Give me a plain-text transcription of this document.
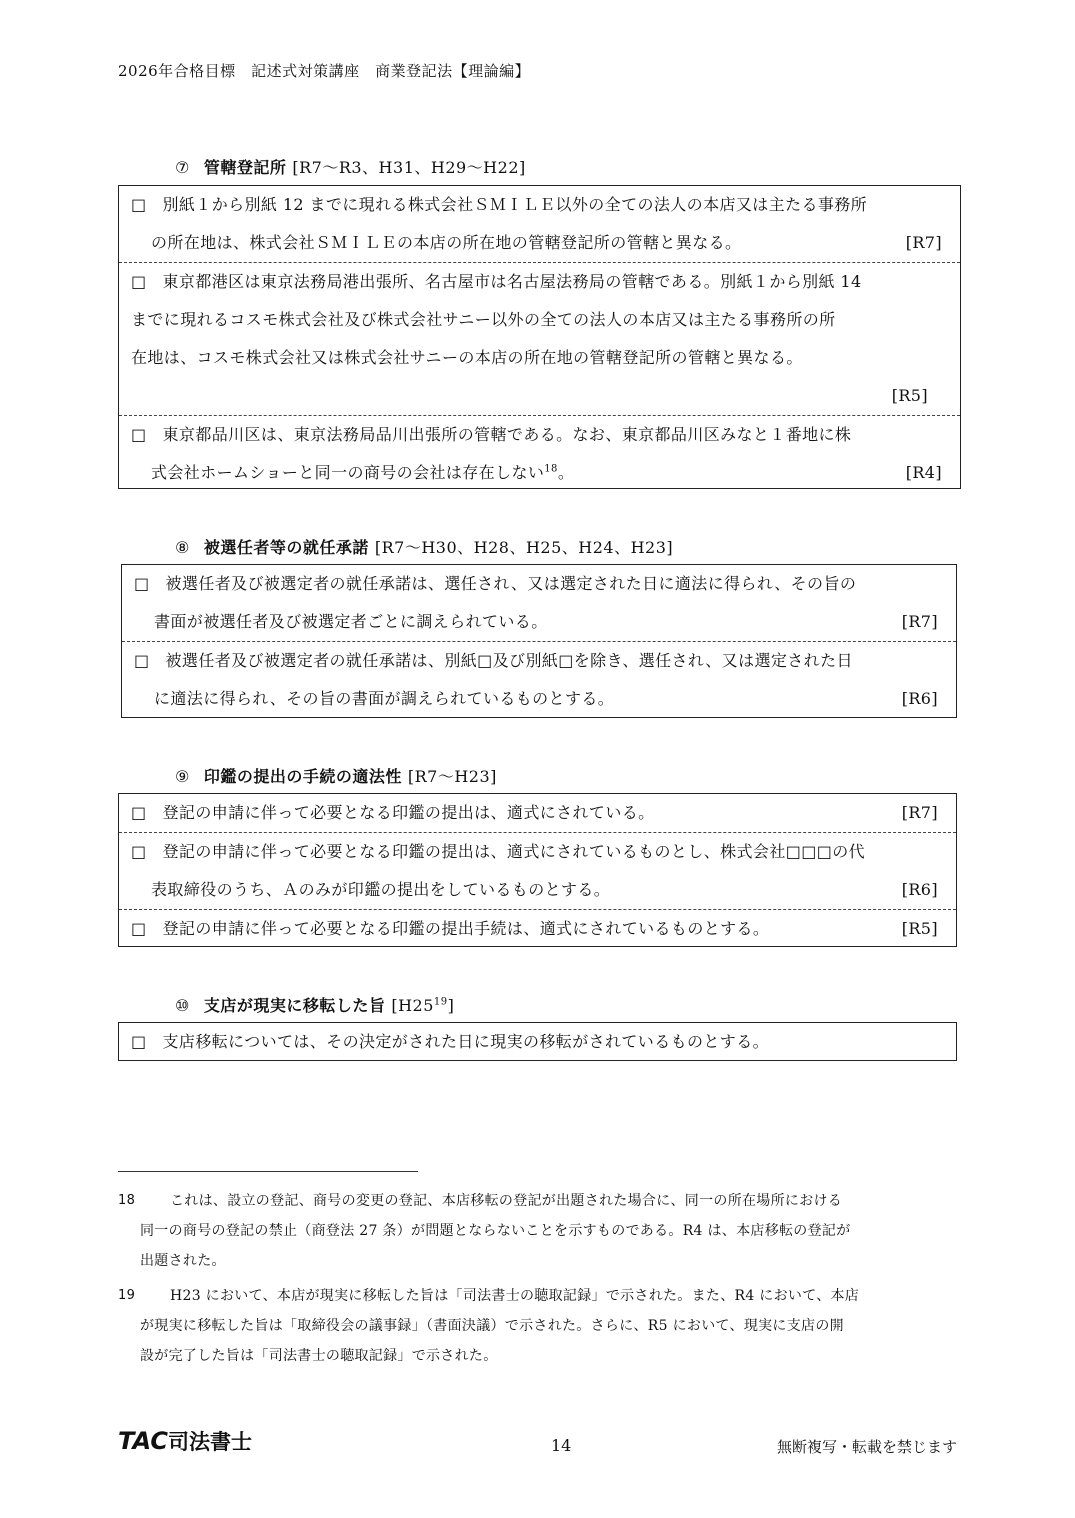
2026年合格目標　記述式対策講座　商業登記法【理論編】
⑦ 管轄登記所 [R7～R3、H31、H29～H22]
□ 別紙１から別紙 12 までに現れる株式会社ＳＭＩＬＥ以外の全ての法人の本店又は主たる事務所
の所在地は、株式会社ＳＭＩＬＥの本店の所在地の管轄登記所の管轄と異なる。	[R7]
□ 東京都港区は東京法務局港出張所、名古屋市は名古屋法務局の管轄である。別紙１から別紙 14
までに現れるコスモ株式会社及び株式会社サニー以外の全ての法人の本店又は主たる事務所の所
在地は、コスモ株式会社又は株式会社サニーの本店の所在地の管轄登記所の管轄と異なる。
[R5]
□ 東京都品川区は、東京法務局品川出張所の管轄である。なお、東京都品川区みなと１番地に株
式会社ホームショーと同一の商号の会社は存在しない$^{18}$。	[R4]
⑧ 被選任者等の就任承諾 [R7～H30、H28、H25、H24、H23]
□ 被選任者及び被選定者の就任承諾は、選任され、又は選定された日に適法に得られ、その旨の
書面が被選任者及び被選定者ごとに調えられている。	[R7]
□ 被選任者及び被選定者の就任承諾は、別紙□及び別紙□を除き、選任され、又は選定された日
に適法に得られ、その旨の書面が調えられているものとする。	[R6]
⑨ 印鑑の提出の手続の適法性 [R7～H23]
□ 登記の申請に伴って必要となる印鑑の提出は、適式にされている。	[R7]
□ 登記の申請に伴って必要となる印鑑の提出は、適式にされているものとし、株式会社□□□の代
表取締役のうち、Ａのみが印鑑の提出をしているものとする。	[R6]
□ 登記の申請に伴って必要となる印鑑の提出手続は、適式にされているものとする。	[R5]
⑩ 支店が現実に移転した旨 $[H25^{19}]$
□ 支店移転については、その決定がされた日に現実の移転がされているものとする。
18	これは、設立の登記、商号の変更の登記、本店移転の登記が出題された場合に、同一の所在場所における
同一の商号の登記の禁止（商登法 27 条）が問題とならないことを示すものである。R4 は、本店移転の登記が
出題された。
19	H23 において、本店が現実に移転した旨は「司法書士の聴取記録」で示された。また、R4 において、本店
が現実に移転した旨は「取締役会の議事録」（書面決議）で示された。さらに、R5 において、現実に支店の開
設が完了した旨は「司法書士の聴取記録」で示された。
TAC司法書士	14	無断複写・転載を禁じます
